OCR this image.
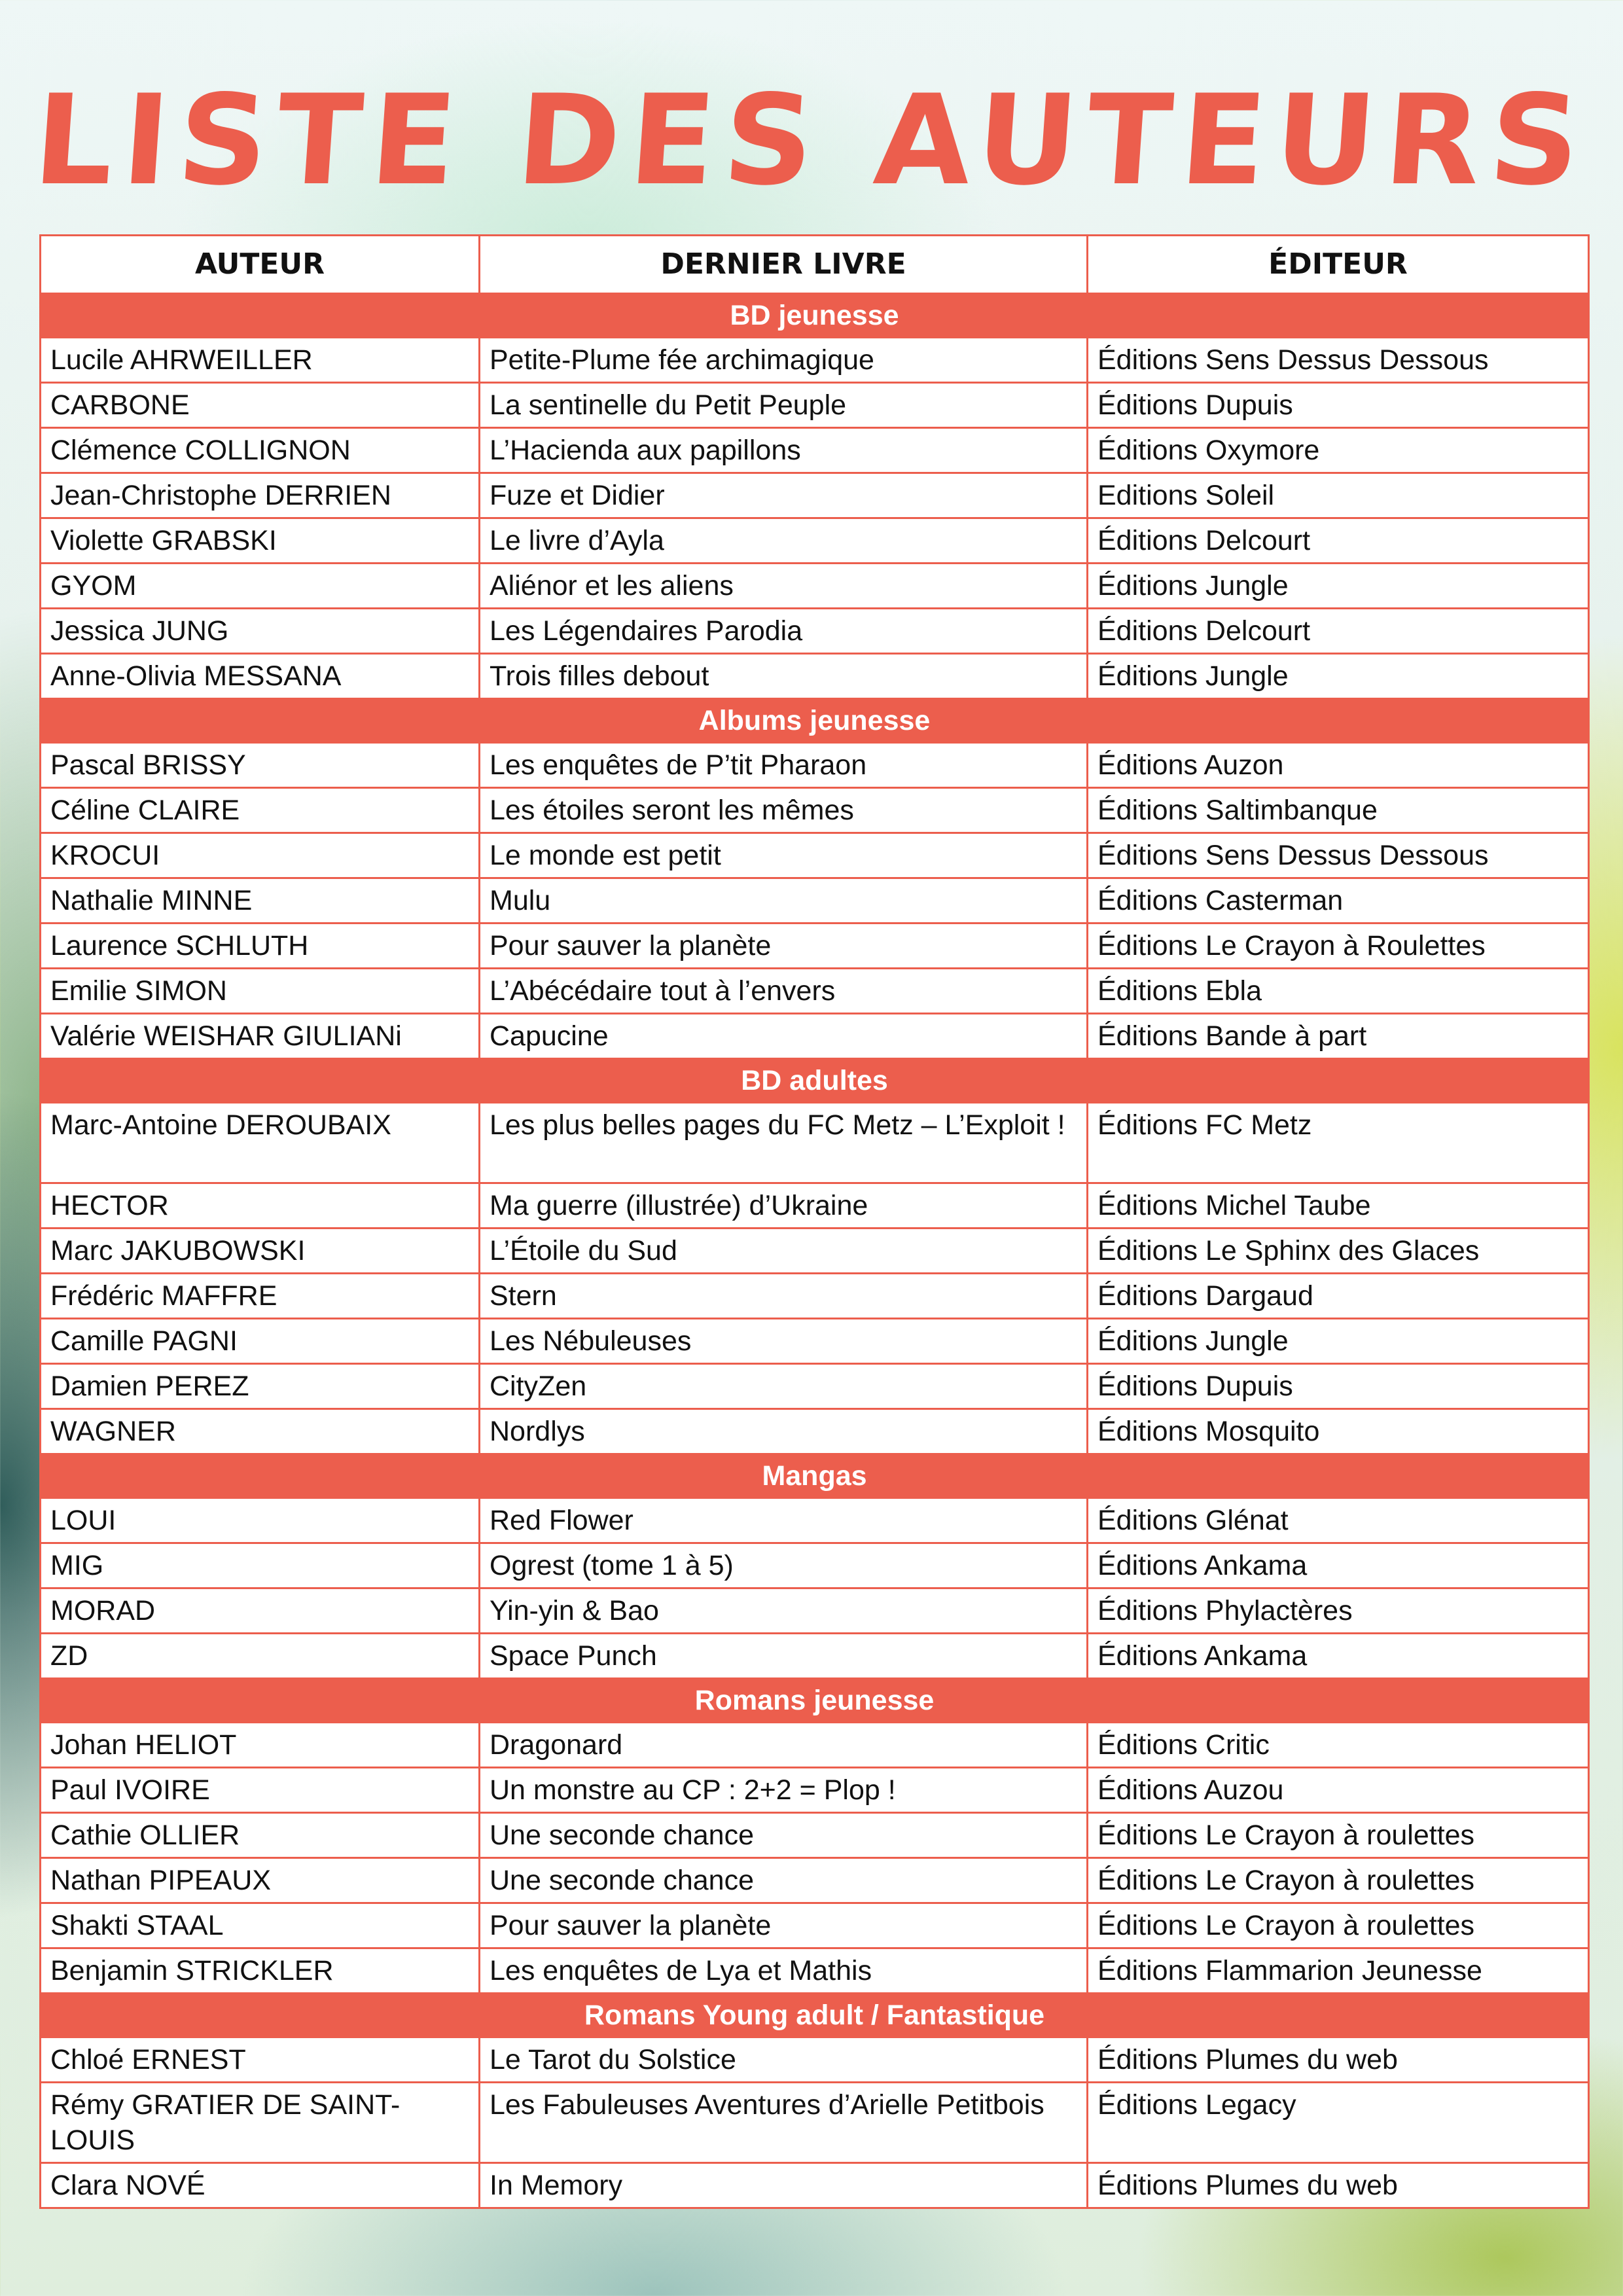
LISTE DES AUTEURS
AUTEUR	DERNIER LIVRE	ÉDITEUR
BD jeunesse		
Lucile AHRWEILLER	Petite-Plume fée archimagique	Éditions Sens Dessus Dessous
CARBONE	La sentinelle du Petit Peuple	Éditions Dupuis
Clémence COLLIGNON	L’Hacienda aux papillons	Éditions Oxymore
Jean-Christophe DERRIEN	Fuze et Didier	Editions Soleil
Violette GRABSKI	Le livre d’Ayla	Éditions Delcourt
GYOM	Aliénor et les aliens	Éditions Jungle
Jessica JUNG	Les Légendaires Parodia	Éditions Delcourt
Anne-Olivia MESSANA	Trois filles debout	Éditions Jungle
Albums jeunesse		
Pascal BRISSY	Les enquêtes de P’tit Pharaon	Éditions Auzon
Céline CLAIRE	Les étoiles seront les mêmes	Éditions Saltimbanque
KROCUI	Le monde est petit	Éditions Sens Dessus Dessous
Nathalie MINNE	Mulu	Éditions Casterman
Laurence SCHLUTH	Pour sauver la planète	Éditions Le Crayon à Roulettes
Emilie SIMON	L’Abécédaire tout à l’envers	Éditions Ebla
Valérie WEISHAR GIULIANi	Capucine	Éditions Bande à part
BD adultes		
Marc-Antoine DEROUBAIX	Les plus belles pages du FC Metz – L’Exploit !	Éditions FC Metz
HECTOR	Ma guerre (illustrée) d’Ukraine	Éditions Michel Taube
Marc JAKUBOWSKI	L’Étoile du Sud	Éditions Le Sphinx des Glaces
Frédéric MAFFRE	Stern	Éditions Dargaud
Camille PAGNI	Les Nébuleuses	Éditions Jungle
Damien PEREZ	CityZen	Éditions Dupuis
WAGNER	Nordlys	Éditions Mosquito
Mangas		
LOUI	Red Flower	Éditions Glénat
MIG	Ogrest (tome 1 à 5)	Éditions Ankama
MORAD	Yin-yin & Bao	Éditions Phylactères
ZD	Space Punch	Éditions Ankama
Romans jeunesse		
Johan HELIOT	Dragonard	Éditions Critic
Paul IVOIRE	Un monstre au CP : 2+2 = Plop !	Éditions Auzou
Cathie OLLIER	Une seconde chance	Éditions Le Crayon à roulettes
Nathan PIPEAUX	Une seconde chance	Éditions Le Crayon à roulettes
Shakti STAAL	Pour sauver la planète	Éditions Le Crayon à roulettes
Benjamin STRICKLER	Les enquêtes de Lya et Mathis	Éditions Flammarion Jeunesse
Romans Young adult / Fantastique		
Chloé ERNEST	Le Tarot du Solstice	Éditions Plumes du web
Rémy GRATIER DE SAINT-LOUIS	Les Fabuleuses Aventures d’Arielle Petitbois	Éditions Legacy
Clara NOVÉ	In Memory	Éditions Plumes du web
